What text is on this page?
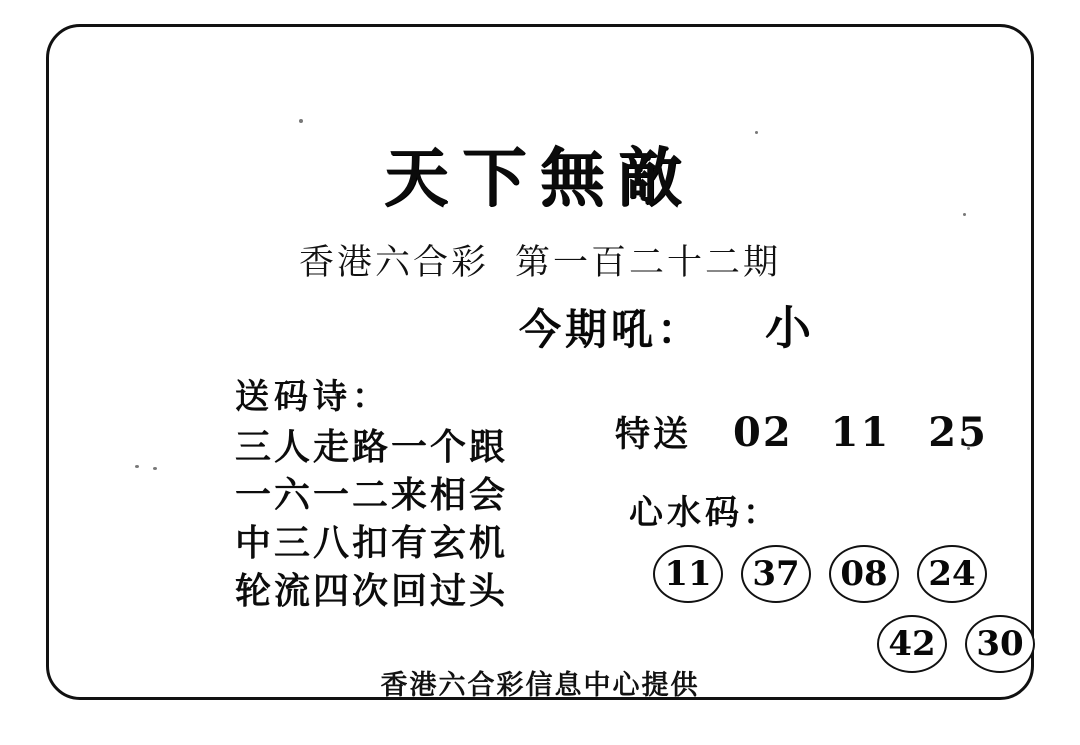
天下無敵
香港六合彩 第一百二十二期
今期吼： 小
送码诗：
三人走路一个跟
一六一二来相会
中三八扣有玄机
轮流四次回过头
特送 02 11 25
心水码：
11	37	08	24
42	30
香港六合彩信息中心提供
